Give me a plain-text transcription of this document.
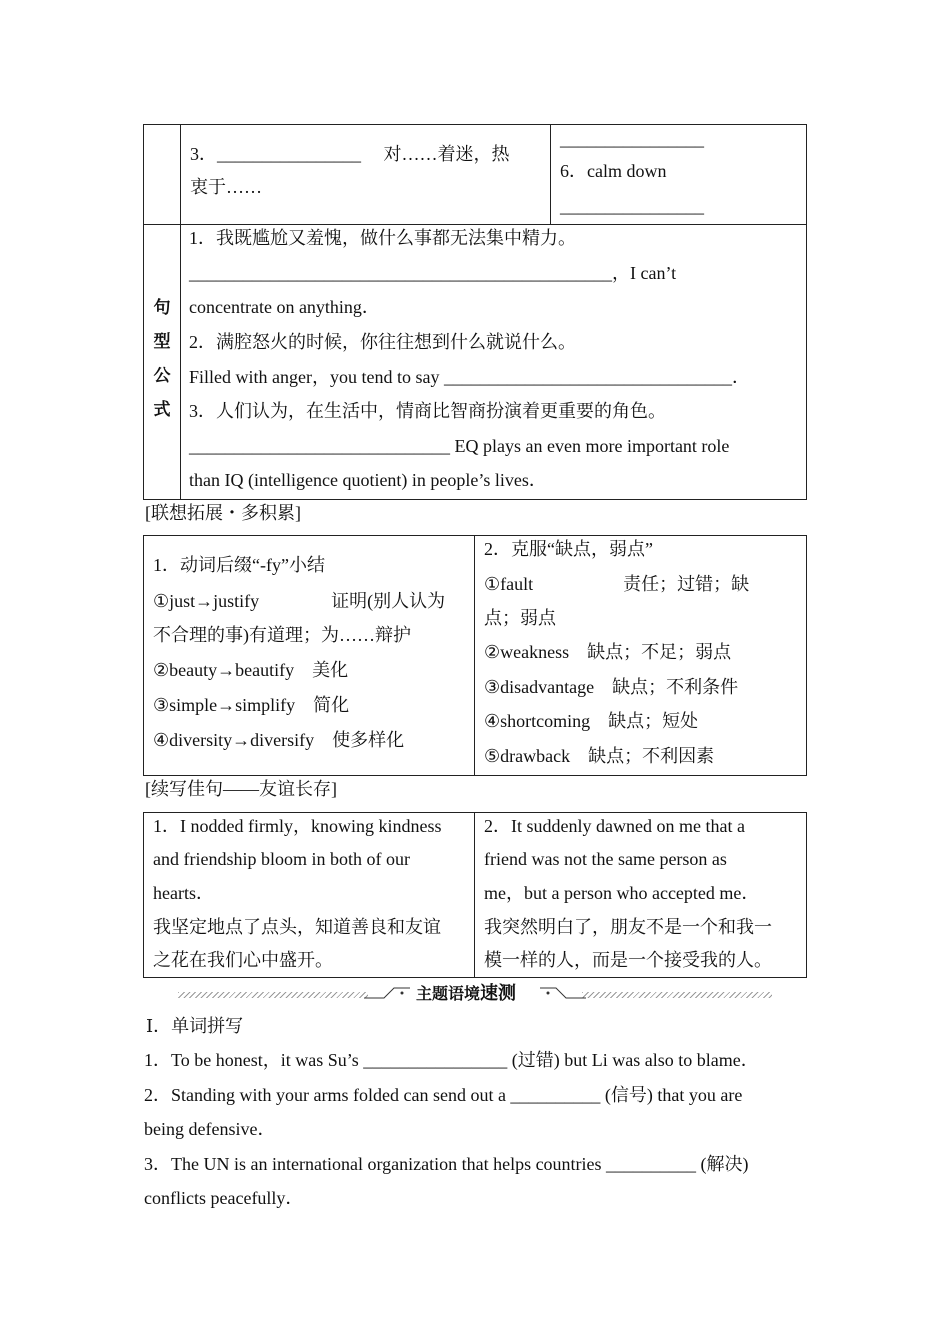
3．________________　 对……着迷，热
衷于……
________________
6．calm down
________________
句
型
公
式
1．我既尴尬又羞愧，做什么事都无法集中精力。
_______________________________________________，I can’t
concentrate on anything．
2．满腔怒火的时候，你往往想到什么就说什么。
Filled with anger，you tend to say ________________________________．
3．人们认为，在生活中，情商比智商扮演着更重要的角色。
_____________________________ EQ plays an even more important role
than IQ (intelligence quotient) in people’s lives．
[联想拓展・多积累]
1．动词后缀“-fy”小结
①just→justify　　　　证明(别人认为
不合理的事)有道理；为……辩护
②beauty→beautify　美化
③simple→simplify　简化
④diversity→diversify　使多样化
2．克服“缺点，弱点”
①fault　　　　　责任；过错；缺
点；弱点
②weakness　缺点；不足；弱点
③disadvantage　缺点；不利条件
④shortcoming　缺点；短处
⑤drawback　缺点；不利因素
[续写佳句——友谊长存]
1．I nodded firmly，knowing kindness
and friendship bloom in both of our
hearts．
我坚定地点了点头，知道善良和友谊
之花在我们心中盛开。
2．It suddenly dawned on me that a
friend was not the same person as
me，but a person who accepted me．
我突然明白了，朋友不是一个和我一
模一样的人，而是一个接受我的人。
主题语境速测
Ⅰ．单词拼写
1．To be honest，it was Su’s ________________ (过错) but Li was also to blame．
2．Standing with your arms folded can send out a __________ (信号) that you are
being defensive．
3．The UN is an international organization that helps countries __________ (解决)
conflicts peacefully．
